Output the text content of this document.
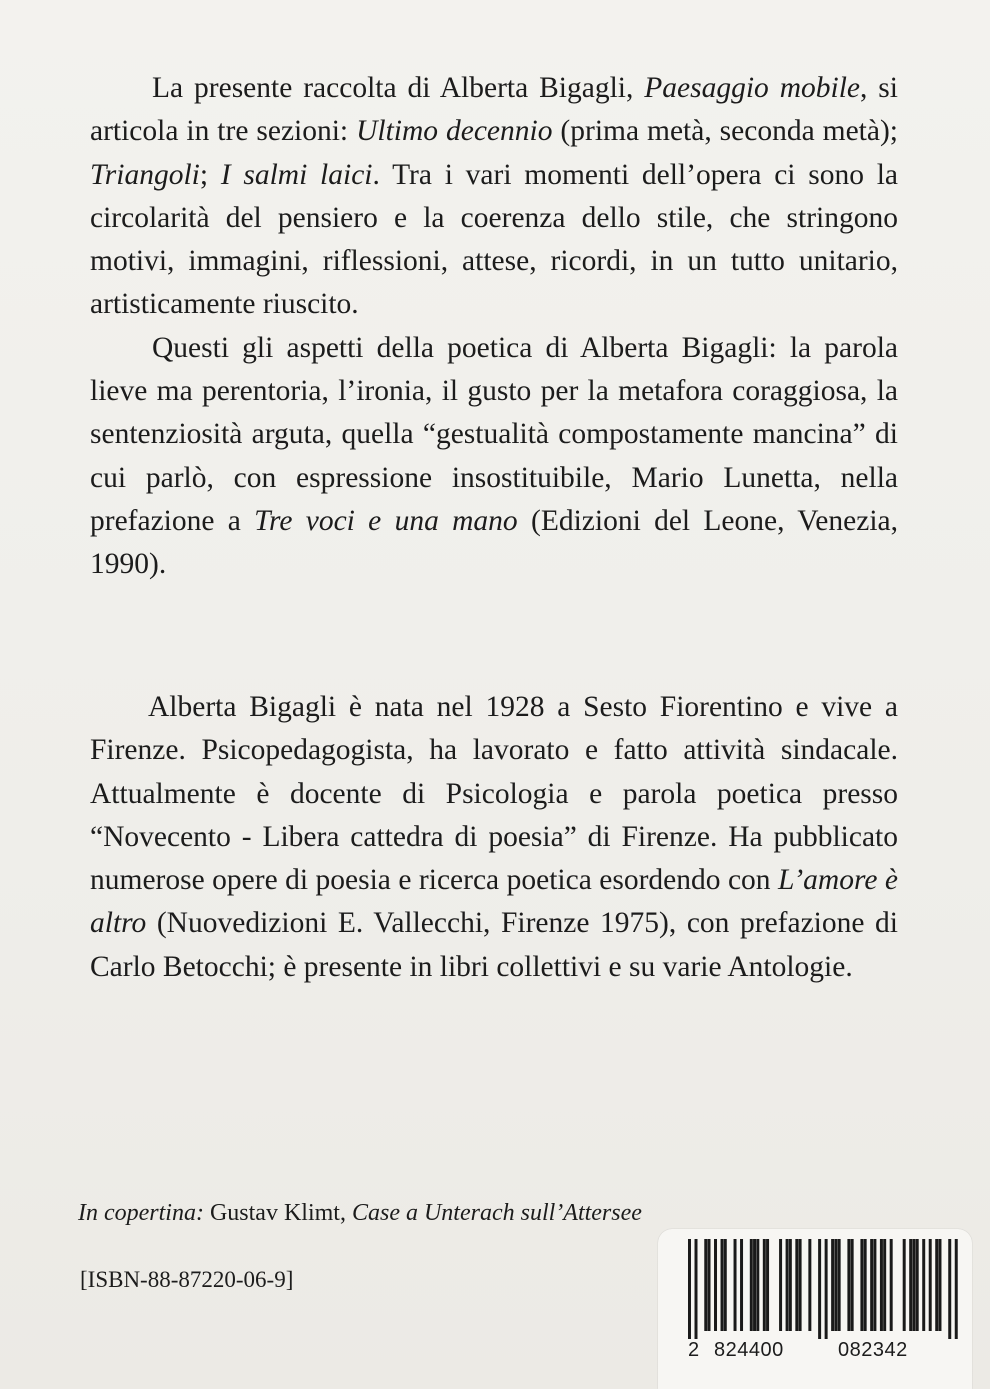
La presente raccolta di Alberta Bigagli, Paesaggio mobile, si articola in tre sezioni: Ultimo decennio (prima metà, seconda metà); Triangoli; I salmi laici. Tra i vari momenti dell’opera ci sono la circolarità del pensiero e la coerenza dello stile, che stringono motivi, immagini, riflessioni, attese, ricordi, in un tutto unitario, artisticamente riuscito.

Questi gli aspetti della poetica di Alberta Bigagli: la parola lieve ma perentoria, l’ironia, il gusto per la metafora coraggiosa, la sentenziosità arguta, quella “gestualità compostamente mancina” di cui parlò, con espressione insostituibile, Mario Lunetta, nella prefazione a Tre voci e una mano (Edizioni del Leone, Venezia, 1990).

Alberta Bigagli è nata nel 1928 a Sesto Fiorentino e vive a Firenze. Psicopedagogista, ha lavorato e fatto attività sindacale. Attualmente è docente di Psicologia e parola poetica presso “Novecento - Libera cattedra di poesia” di Firenze. Ha pubblicato numerose opere di poesia e ricerca poetica esordendo con L’amore è altro (Nuovedizioni E. Vallecchi, Firenze 1975), con prefazione di Carlo Betocchi; è presente in libri collettivi e su varie Antologie.

In copertina: Gustav Klimt, Case a Unterach sull’Attersee
[ISBN-88-87220-06-9]
2 824400	082342
